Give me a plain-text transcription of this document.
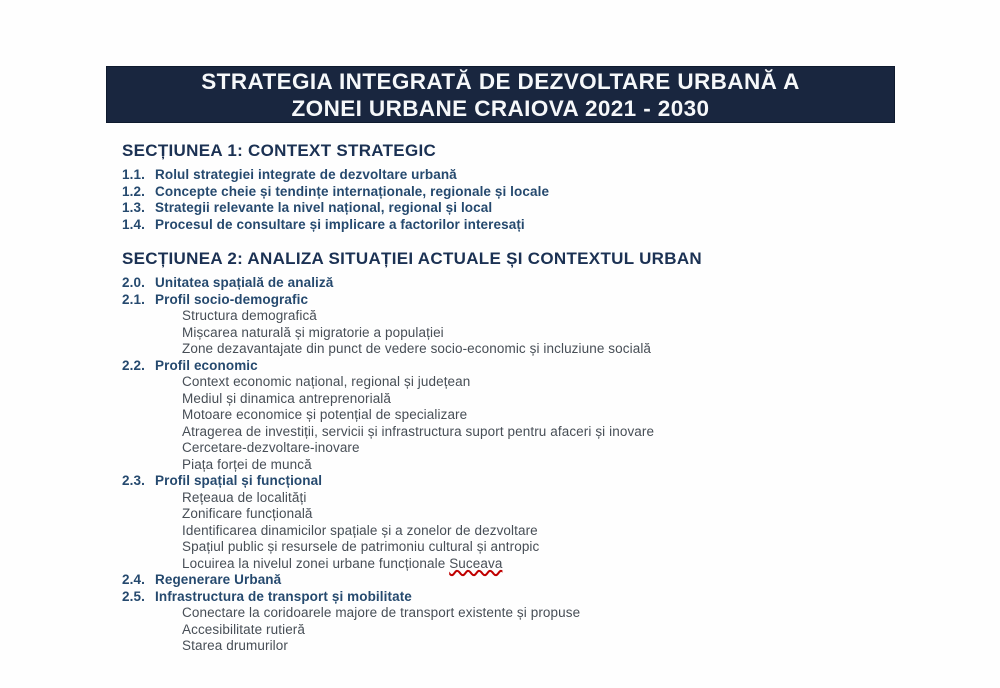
STRATEGIA INTEGRATĂ DE DEZVOLTARE URBANĂ A
ZONEI URBANE CRAIOVA 2021 - 2030
SECȚIUNEA 1: CONTEXT STRATEGIC
1.1. Rolul strategiei integrate de dezvoltare urbană
1.2. Concepte cheie și tendințe internaționale, regionale și locale
1.3. Strategii relevante la nivel național, regional și local
1.4. Procesul de consultare și implicare a factorilor interesați
SECȚIUNEA 2: ANALIZA SITUAȚIEI ACTUALE ȘI CONTEXTUL URBAN
2.0. Unitatea spațială de analiză
2.1. Profil socio-demografic
Structura demografică
Mișcarea naturală și migratorie a populației
Zone dezavantajate din punct de vedere socio-economic și incluziune socială
2.2. Profil economic
Context economic național, regional și județean
Mediul și dinamica antreprenorială
Motoare economice și potențial de specializare
Atragerea de investiții, servicii și infrastructura suport pentru afaceri și inovare
Cercetare-dezvoltare-inovare
Piața forței de muncă
2.3. Profil spațial și funcțional
Rețeaua de localități
Zonificare funcțională
Identificarea dinamicilor spațiale și a zonelor de dezvoltare
Spațiul public și resursele de patrimoniu cultural și antropic
Locuirea la nivelul zonei urbane funcționale Suceava
2.4. Regenerare Urbană
2.5. Infrastructura de transport și mobilitate
Conectare la coridoarele majore de transport existente și propuse
Accesibilitate rutieră
Starea drumurilor
